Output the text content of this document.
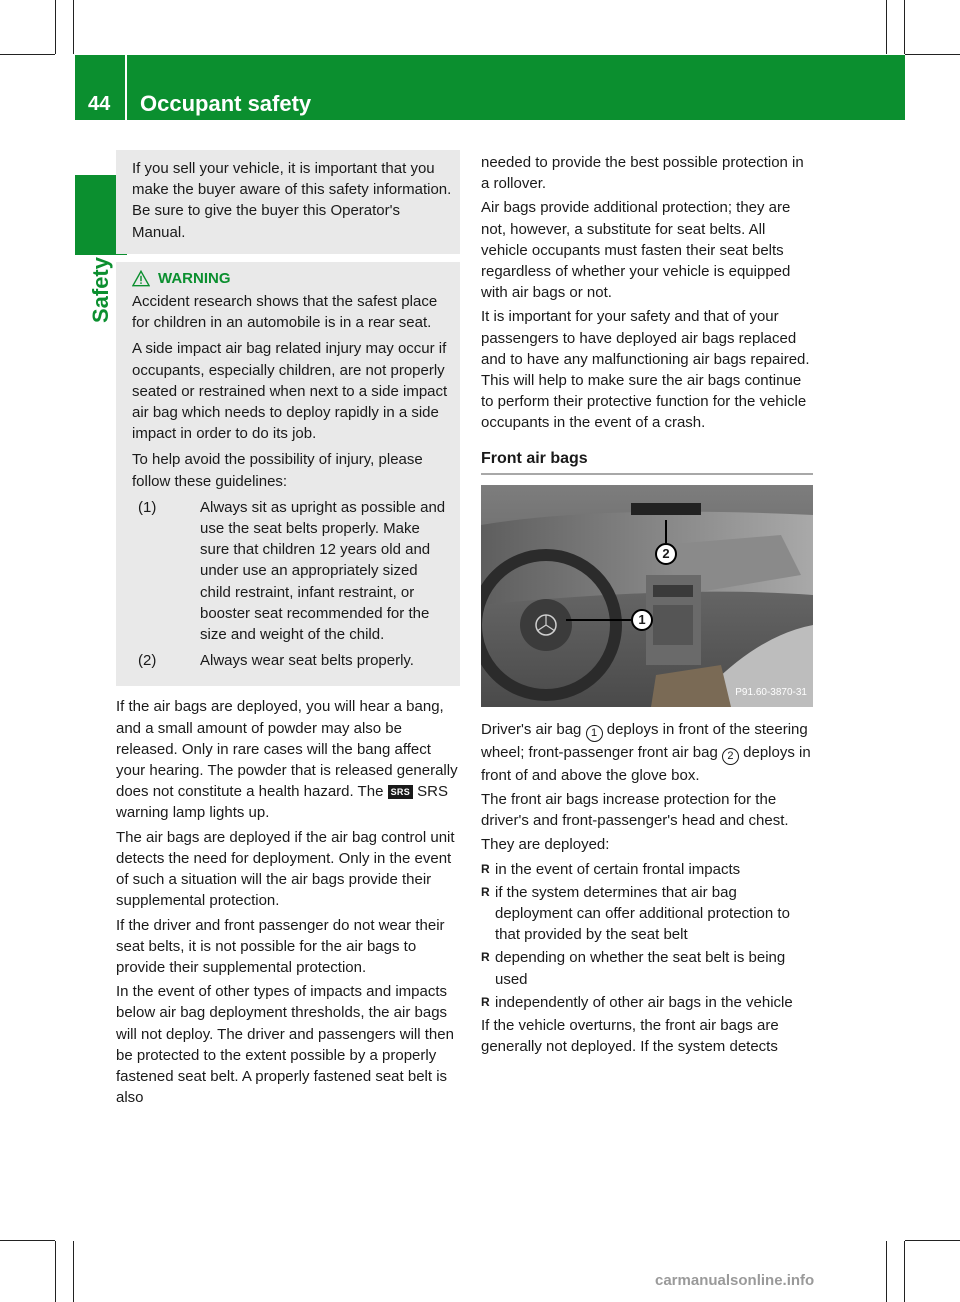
44 Occupant safety
Safety

If you sell your vehicle, it is important that you make the buyer aware of this safety information. Be sure to give the buyer this Operator's Manual.

WARNING

Accident research shows that the safest place for children in an automobile is in a rear seat.

A side impact air bag related injury may occur if occupants, especially children, are not properly seated or restrained when next to a side impact air bag which needs to deploy rapidly in a side impact in order to do its job.

To help avoid the possibility of injury, please follow these guidelines:

(1)	Always sit as upright as possible and use the seat belts properly. Make sure that children 12 years old and under use an appropriately sized child restraint, infant restraint, or booster seat recommended for the size and weight of the child.
(2)	Always wear seat belts properly.

If the air bags are deployed, you will hear a bang, and a small amount of powder may also be released. Only in rare cases will the bang affect your hearing. The powder that is released generally does not constitute a health hazard. The SRS SRS warning lamp lights up.

The air bags are deployed if the air bag control unit detects the need for deployment. Only in the event of such a situation will the air bags provide their supplemental protection.

If the driver and front passenger do not wear their seat belts, it is not possible for the air bags to provide their supplemental protection.

In the event of other types of impacts and impacts below air bag deployment thresholds, the air bags will not deploy. The driver and passengers will then be protected to the extent possible by a properly fastened seat belt. A properly fastened seat belt is also

needed to provide the best possible protection in a rollover.

Air bags provide additional protection; they are not, however, a substitute for seat belts. All vehicle occupants must fasten their seat belts regardless of whether your vehicle is equipped with air bags or not.

It is important for your safety and that of your passengers to have deployed air bags replaced and to have any malfunctioning air bags repaired. This will help to make sure the air bags continue to perform their protective function for the vehicle occupants in the event of a crash.

Front air bags
1
2
P91.60-3870-31

Driver's air bag 1 deploys in front of the steering wheel; front-passenger front air bag 2 deploys in front of and above the glove box.

The front air bags increase protection for the driver's and front-passenger's head and chest.

They are deployed:

R in the event of certain frontal impacts
R if the system determines that air bag deployment can offer additional protection to that provided by the seat belt
R depending on whether the seat belt is being used
R independently of other air bags in the vehicle

If the vehicle overturns, the front air bags are generally not deployed. If the system detects

carmanualsonline.info
